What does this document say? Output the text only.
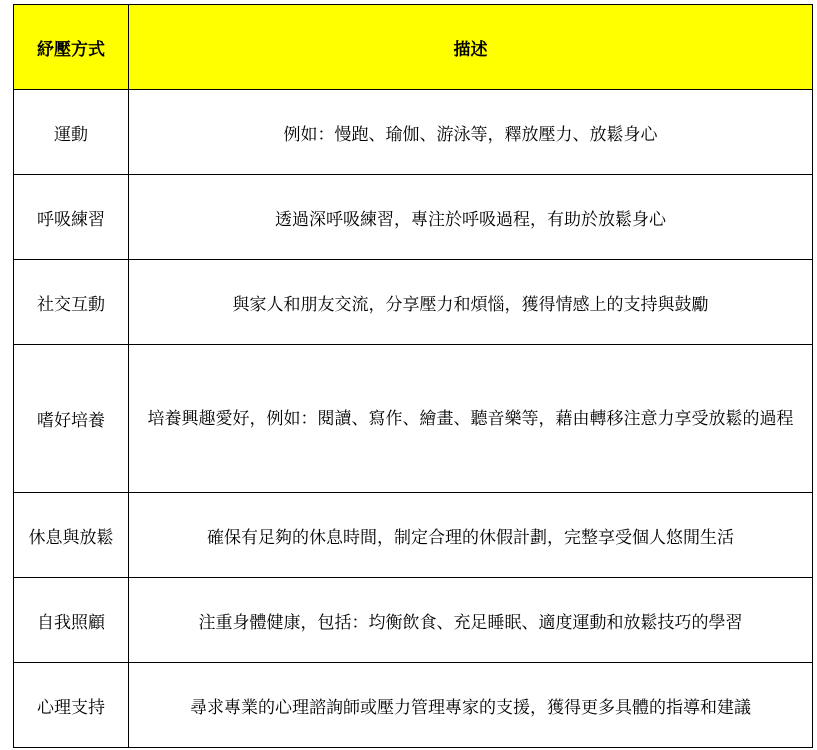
紓壓方式	描述
運動	例如：慢跑、瑜伽、游泳等，釋放壓力、放鬆身心
呼吸練習	透過深呼吸練習，專注於呼吸過程，有助於放鬆身心
社交互動	與家人和朋友交流，分享壓力和煩惱，獲得情感上的支持與鼓勵
嗜好培養	培養興趣愛好，例如：閱讀、寫作、繪畫、聽音樂等，藉由轉移注意力享受放鬆的過程
休息與放鬆	確保有足夠的休息時間，制定合理的休假計劃，完整享受個人悠閒生活
自我照顧	注重身體健康，包括：均衡飲食、充足睡眠、適度運動和放鬆技巧的學習
心理支持	尋求專業的心理諮詢師或壓力管理專家的支援，獲得更多具體的指導和建議
